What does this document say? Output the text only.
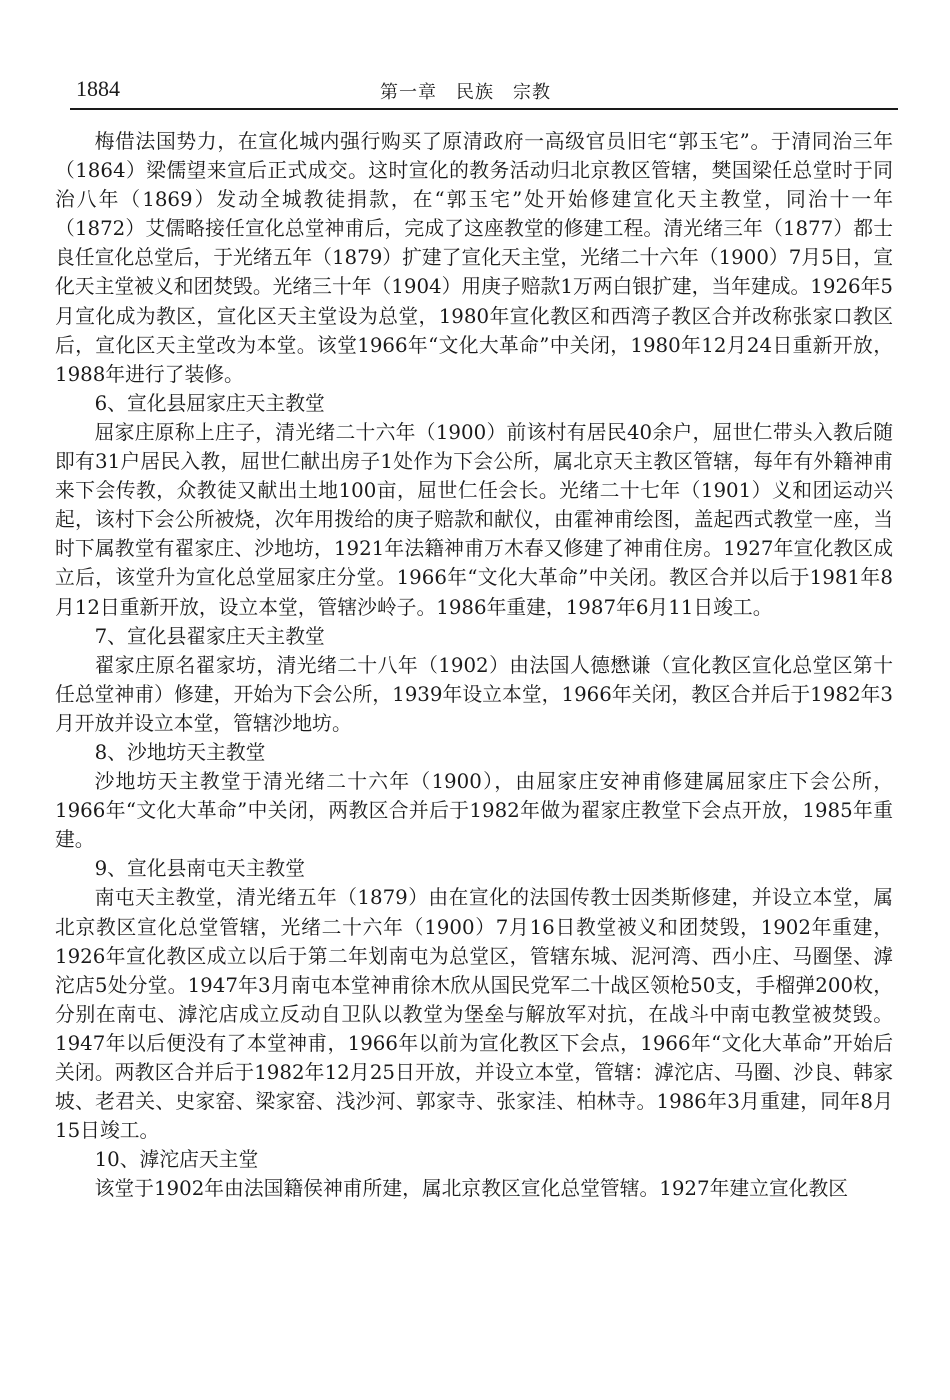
1884	第一章　民族　宗教

梅借法国势力，在宣化城内强行购买了原清政府一高级官员旧宅“郭玉宅”。于清同治三年（1864）梁儒望来宣后正式成交。这时宣化的教务活动归北京教区管辖，樊国梁任总堂时于同治八年（1869）发动全城教徒捐款，在“郭玉宅”处开始修建宣化天主教堂，同治十一年（1872）艾儒略接任宣化总堂神甫后，完成了这座教堂的修建工程。清光绪三年（1877）都士良任宣化总堂后，于光绪五年（1879）扩建了宣化天主堂，光绪二十六年（1900）7月5日，宣化天主堂被义和团焚毁。光绪三十年（1904）用庚子赔款1万两白银扩建，当年建成。1926年5月宣化成为教区，宣化区天主堂设为总堂，1980年宣化教区和西湾子教区合并改称张家口教区后，宣化区天主堂改为本堂。该堂1966年“文化大革命”中关闭，1980年12月24日重新开放，1988年进行了装修。

6、宣化县屈家庄天主教堂

屈家庄原称上庄子，清光绪二十六年（1900）前该村有居民40余户，屈世仁带头入教后随即有31户居民入教，屈世仁献出房子1处作为下会公所，属北京天主教区管辖，每年有外籍神甫来下会传教，众教徒又献出土地100亩，屈世仁任会长。光绪二十七年（1901）义和团运动兴起，该村下会公所被烧，次年用拨给的庚子赔款和献仪，由霍神甫绘图，盖起西式教堂一座，当时下属教堂有翟家庄、沙地坊，1921年法籍神甫万木春又修建了神甫住房。1927年宣化教区成立后，该堂升为宣化总堂屈家庄分堂。1966年“文化大革命”中关闭。教区合并以后于1981年8月12日重新开放，设立本堂，管辖沙岭子。1986年重建，1987年6月11日竣工。

7、宣化县翟家庄天主教堂

翟家庄原名翟家坊，清光绪二十八年（1902）由法国人德懋谦（宣化教区宣化总堂区第十任总堂神甫）修建，开始为下会公所，1939年设立本堂，1966年关闭，教区合并后于1982年3月开放并设立本堂，管辖沙地坊。

8、沙地坊天主教堂

沙地坊天主教堂于清光绪二十六年（1900），由屈家庄安神甫修建属屈家庄下会公所，1966年“文化大革命”中关闭，两教区合并后于1982年做为翟家庄教堂下会点开放，1985年重建。

9、宣化县南屯天主教堂

南屯天主教堂，清光绪五年（1879）由在宣化的法国传教士因类斯修建，并设立本堂，属北京教区宣化总堂管辖，光绪二十六年（1900）7月16日教堂被义和团焚毁，1902年重建，1926年宣化教区成立以后于第二年划南屯为总堂区，管辖东城、泥河湾、西小庄、马圈堡、滹沱店5处分堂。1947年3月南屯本堂神甫徐木欣从国民党军二十战区领枪50支，手榴弹200枚，分别在南屯、滹沱店成立反动自卫队以教堂为堡垒与解放军对抗，在战斗中南屯教堂被焚毁。1947年以后便没有了本堂神甫，1966年以前为宣化教区下会点，1966年“文化大革命”开始后关闭。两教区合并后于1982年12月25日开放，并设立本堂，管辖：滹沱店、马圈、沙良、韩家坡、老君关、史家窑、梁家窑、浅沙河、郭家寺、张家洼、柏林寺。1986年3月重建，同年8月15日竣工。

10、滹沱店天主堂

该堂于1902年由法国籍侯神甫所建，属北京教区宣化总堂管辖。1927年建立宣化教区
